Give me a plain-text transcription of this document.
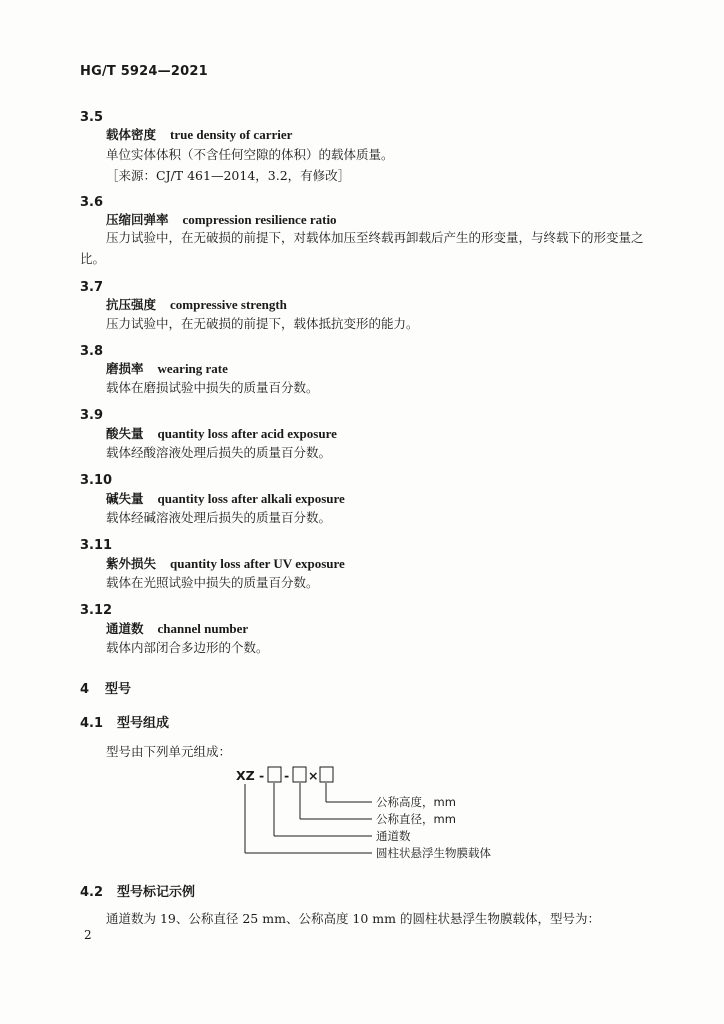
HG/T 5924—2021
3.5
载体密度 true density of carrier
单位实体体积（不含任何空隙的体积）的载体质量。
［来源：CJ/T 461—2014，3.2，有修改］
3.6
压缩回弹率 compression resilience ratio
压力试验中，在无破损的前提下，对载体加压至终载再卸载后产生的形变量，与终载下的形变量之比。
3.7
抗压强度 compressive strength
压力试验中，在无破损的前提下，载体抵抗变形的能力。
3.8
磨损率 wearing rate
载体在磨损试验中损失的质量百分数。
3.9
酸失量 quantity loss after acid exposure
载体经酸溶液处理后损失的质量百分数。
3.10
碱失量 quantity loss after alkali exposure
载体经碱溶液处理后损失的质量百分数。
3.11
紫外损失 quantity loss after UV exposure
载体在光照试验中损失的质量百分数。
3.12
通道数 channel number
载体内部闭合多边形的个数。
4 型号
4.1 型号组成
型号由下列单元组成：
XZ - - ×
公称高度，mm
公称直径，mm
通道数
圆柱状悬浮生物膜载体
4.2 型号标记示例
通道数为 19、公称直径 25 mm、公称高度 10 mm 的圆柱状悬浮生物膜载体，型号为：
2
